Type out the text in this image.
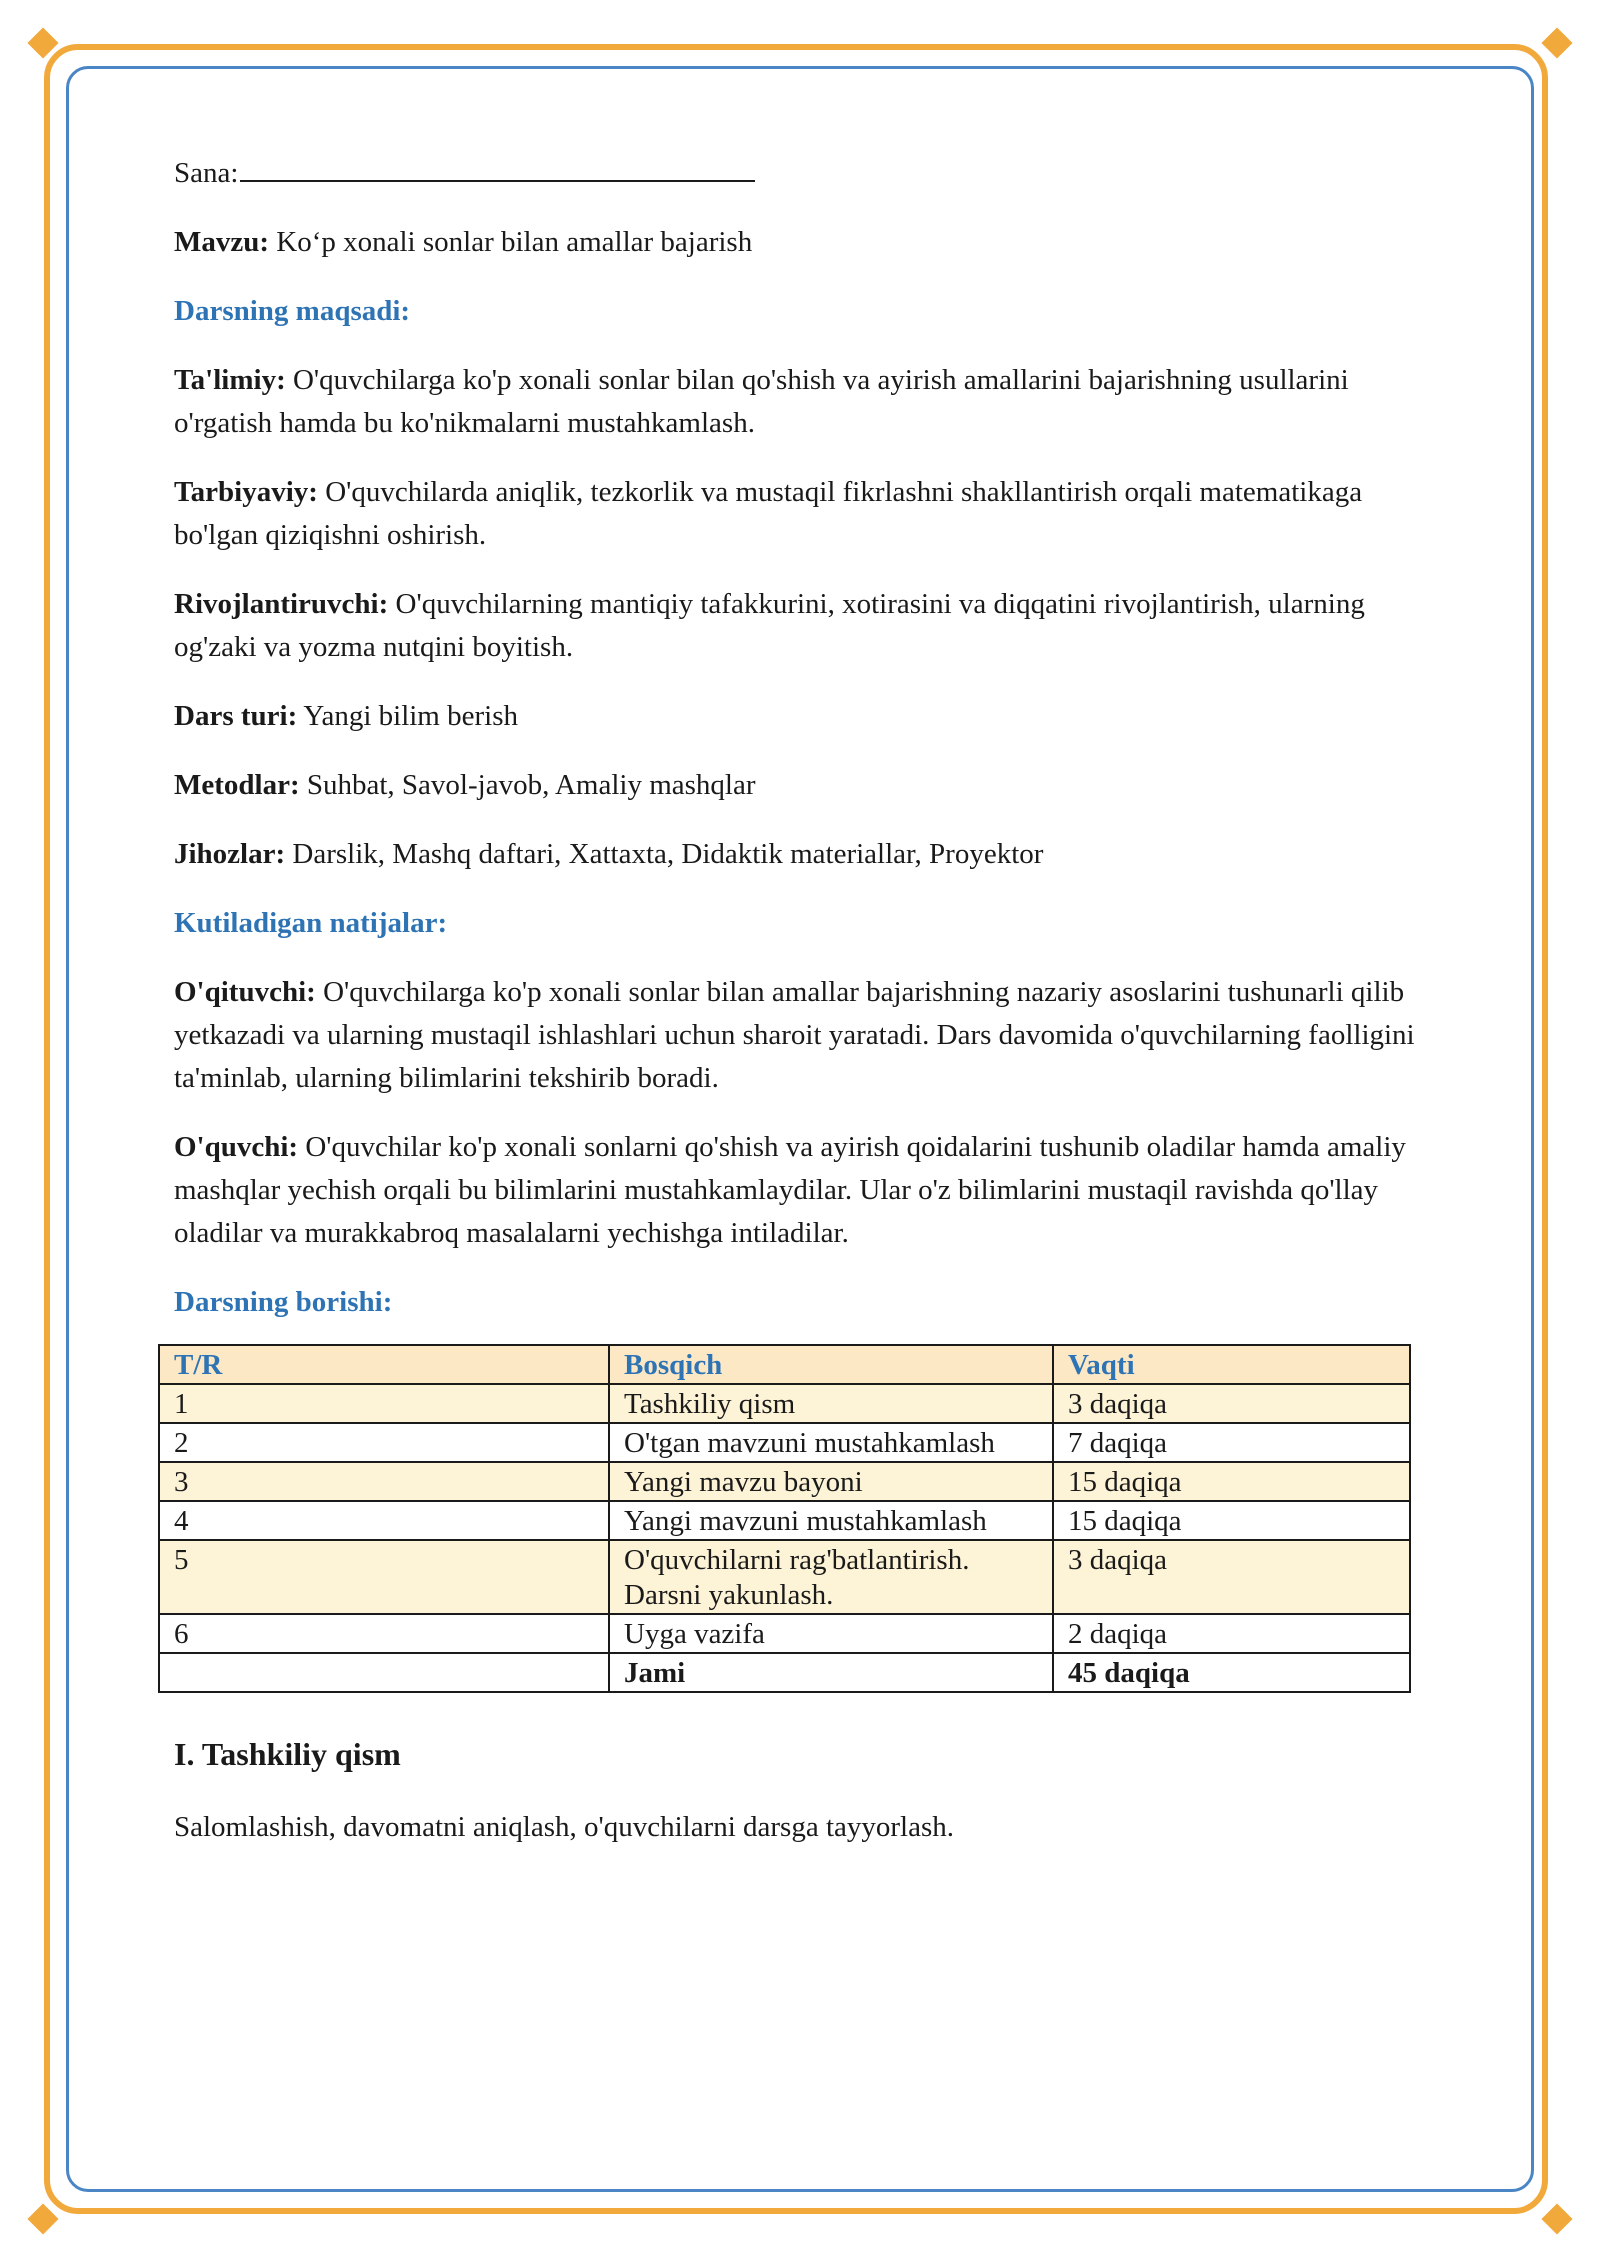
Sana:

Mavzu: Ko‘p xonali sonlar bilan amallar bajarish

Darsning maqsadi:

Ta'limiy: O'quvchilarga ko'p xonali sonlar bilan qo'shish va ayirish amallarini bajarishning usullarini o'rgatish hamda bu ko'nikmalarni mustahkamlash.

Tarbiyaviy: O'quvchilarda aniqlik, tezkorlik va mustaqil fikrlashni shakllantirish orqali matematikaga bo'lgan qiziqishni oshirish.

Rivojlantiruvchi: O'quvchilarning mantiqiy tafakkurini, xotirasini va diqqatini rivojlantirish, ularning og'zaki va yozma nutqini boyitish.

Dars turi: Yangi bilim berish

Metodlar: Suhbat, Savol-javob, Amaliy mashqlar

Jihozlar: Darslik, Mashq daftari, Xattaxta, Didaktik materiallar, Proyektor

Kutiladigan natijalar:

O'qituvchi: O'quvchilarga ko'p xonali sonlar bilan amallar bajarishning nazariy asoslarini tushunarli qilib yetkazadi va ularning mustaqil ishlashlari uchun sharoit yaratadi. Dars davomida o'quvchilarning faolligini ta'minlab, ularning bilimlarini tekshirib boradi.

O'quvchi: O'quvchilar ko'p xonali sonlarni qo'shish va ayirish qoidalarini tushunib oladilar hamda amaliy mashqlar yechish orqali bu bilimlarini mustahkamlaydilar. Ular o'z bilimlarini mustaqil ravishda qo'llay oladilar va murakkabroq masalalarni yechishga intiladilar.

Darsning borishi:

T/R	Bosqich	Vaqti
1	Tashkiliy qism	3 daqiqa
2	O'tgan mavzuni mustahkamlash	7 daqiqa
3	Yangi mavzu bayoni	15 daqiqa
4	Yangi mavzuni mustahkamlash	15 daqiqa
5	O'quvchilarni rag'batlantirish. Darsni yakunlash.	3 daqiqa
6	Uyga vazifa	2 daqiqa
	Jami	45 daqiqa
I. Tashkiliy qism

Salomlashish, davomatni aniqlash, o'quvchilarni darsga tayyorlash.
